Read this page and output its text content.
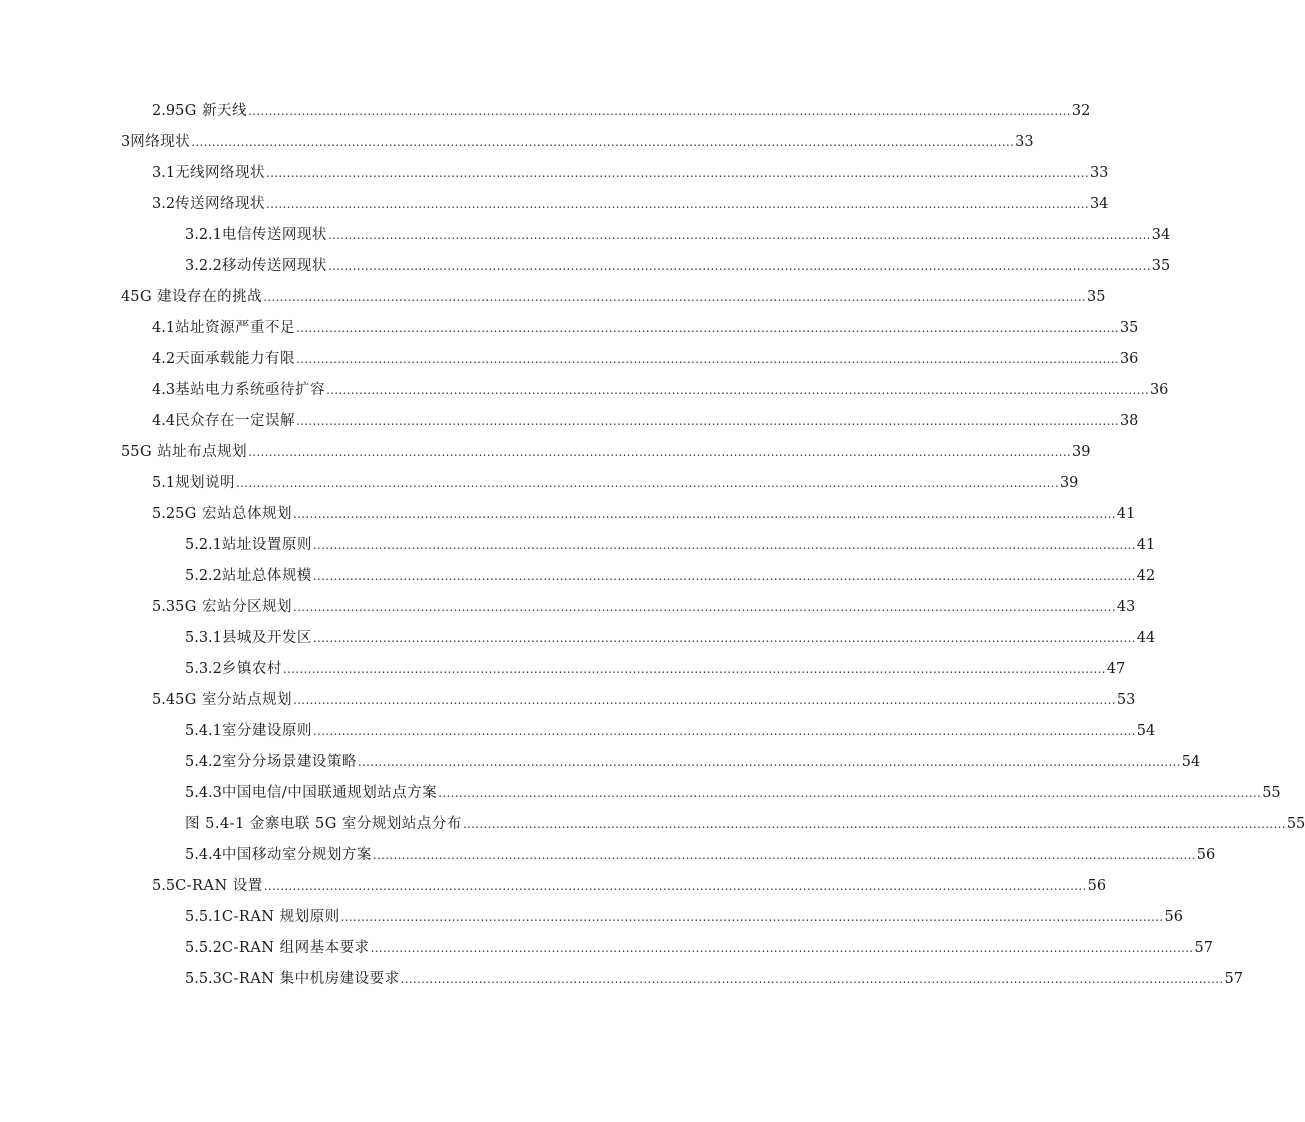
2.9 5G 新天线 ........................................................................................................................................................................................................ 32
3 网络现状 ........................................................................................................................................................................................................ 33
3.1 无线网络现状 ........................................................................................................................................................................................................ 33
3.2 传送网络现状 ........................................................................................................................................................................................................ 34
3.2.1 电信传送网现状 ........................................................................................................................................................................................................ 34
3.2.2 移动传送网现状 ........................................................................................................................................................................................................ 35
4 5G 建设存在的挑战 ........................................................................................................................................................................................................ 35
4.1 站址资源严重不足 ........................................................................................................................................................................................................ 35
4.2 天面承载能力有限 ........................................................................................................................................................................................................ 36
4.3 基站电力系统亟待扩容 ........................................................................................................................................................................................................ 36
4.4 民众存在一定误解 ........................................................................................................................................................................................................ 38
5 5G 站址布点规划 ........................................................................................................................................................................................................ 39
5.1 规划说明 ........................................................................................................................................................................................................ 39
5.2 5G 宏站总体规划 ........................................................................................................................................................................................................ 41
5.2.1 站址设置原则 ........................................................................................................................................................................................................ 41
5.2.2 站址总体规模 ........................................................................................................................................................................................................ 42
5.3 5G 宏站分区规划 ........................................................................................................................................................................................................ 43
5.3.1 县城及开发区 ........................................................................................................................................................................................................ 44
5.3.2 乡镇农村 ........................................................................................................................................................................................................ 47
5.4 5G 室分站点规划 ........................................................................................................................................................................................................ 53
5.4.1 室分建设原则 ........................................................................................................................................................................................................ 54
5.4.2 室分分场景建设策略 ........................................................................................................................................................................................................ 54
5.4.3 中国电信/中国联通规划站点方案 ........................................................................................................................................................................................................ 55
图 5.4-1 金寨电联 5G 室分规划站点分布 ........................................................................................................................................................................................................ 55
5.4.4 中国移动室分规划方案 ........................................................................................................................................................................................................ 56
5.5 C-RAN 设置 ........................................................................................................................................................................................................ 56
5.5.1 C-RAN 规划原则 ........................................................................................................................................................................................................ 56
5.5.2 C-RAN 组网基本要求 ........................................................................................................................................................................................................ 57
5.5.3 C-RAN 集中机房建设要求 ........................................................................................................................................................................................................ 57
